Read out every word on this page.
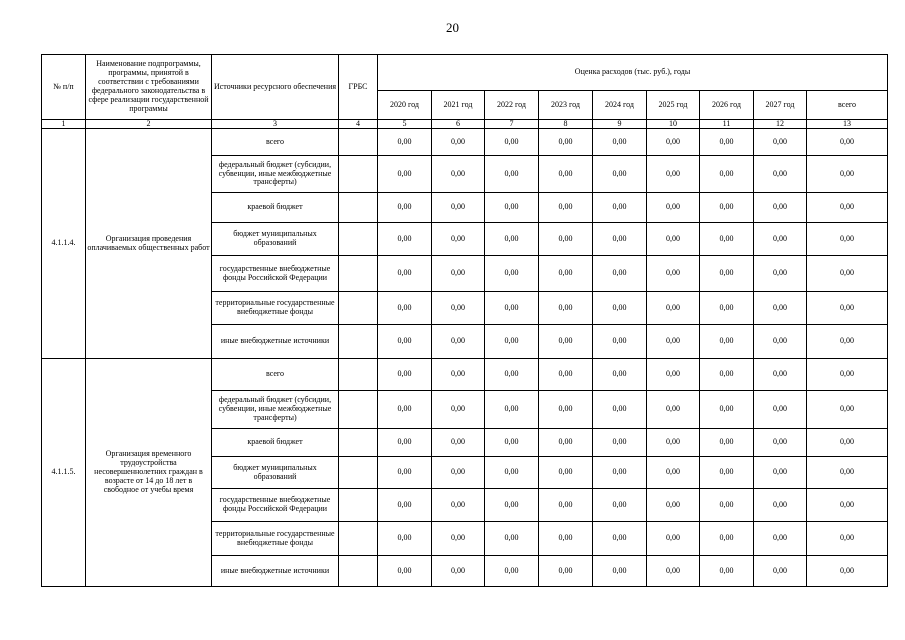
20
№ п/п	Наименование подпрограммы, программы, принятой в соответствии с требованиями федерального законодательства в сфере реализации государственной программы	Источники ресурсного обеспечения	ГРБС	Оценка расходов (тыс. руб.), годы								
				2020 год	2021 год	2022 год	2023 год	2024 год	2025 год	2026 год	2027 год	всего
1	2	3	4	5	6	7	8	9	10	11	12	13
4.1.1.4.	Организация проведения оплачиваемых общественных работ	всего		0,00	0,00	0,00	0,00	0,00	0,00	0,00	0,00	0,00
		федеральный бюджет (субсидии, субвенции, иные межбюджетные трансферты)		0,00	0,00	0,00	0,00	0,00	0,00	0,00	0,00	0,00
		краевой бюджет		0,00	0,00	0,00	0,00	0,00	0,00	0,00	0,00	0,00
		бюджет муниципальных образований		0,00	0,00	0,00	0,00	0,00	0,00	0,00	0,00	0,00
		государственные внебюджетные фонды Российской Федерации		0,00	0,00	0,00	0,00	0,00	0,00	0,00	0,00	0,00
		территориальные государственные внебюджетные фонды		0,00	0,00	0,00	0,00	0,00	0,00	0,00	0,00	0,00
		иные внебюджетные источники		0,00	0,00	0,00	0,00	0,00	0,00	0,00	0,00	0,00
4.1.1.5.	Организация временного трудоустройства несовершеннолетних граждан в возрасте от 14 до 18 лет в свободное от учебы время	всего		0,00	0,00	0,00	0,00	0,00	0,00	0,00	0,00	0,00
		федеральный бюджет (субсидии, субвенции, иные межбюджетные трансферты)		0,00	0,00	0,00	0,00	0,00	0,00	0,00	0,00	0,00
		краевой бюджет		0,00	0,00	0,00	0,00	0,00	0,00	0,00	0,00	0,00
		бюджет муниципальных образований		0,00	0,00	0,00	0,00	0,00	0,00	0,00	0,00	0,00
		государственные внебюджетные фонды Российской Федерации		0,00	0,00	0,00	0,00	0,00	0,00	0,00	0,00	0,00
		территориальные государственные внебюджетные фонды		0,00	0,00	0,00	0,00	0,00	0,00	0,00	0,00	0,00
		иные внебюджетные источники		0,00	0,00	0,00	0,00	0,00	0,00	0,00	0,00	0,00
